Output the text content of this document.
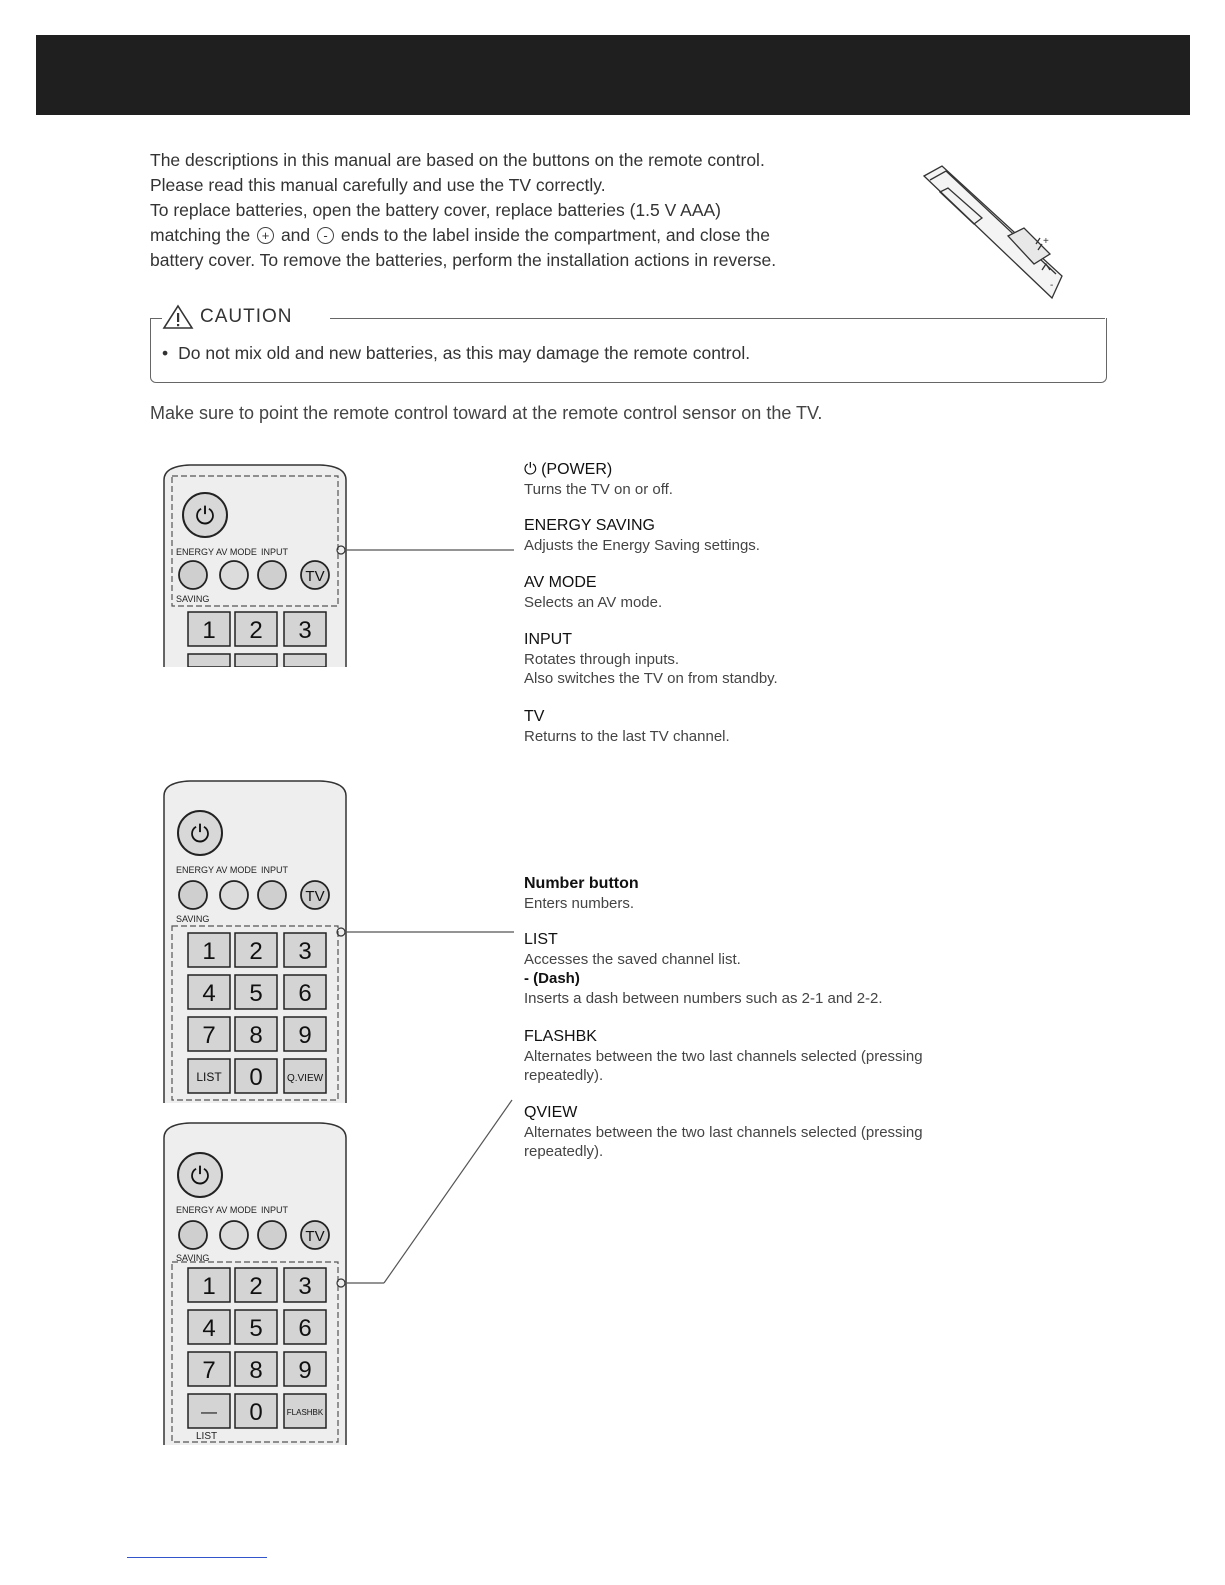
The descriptions in this manual are based on the buttons on the remote control.

Please read this manual carefully and use the TV correctly.

To replace batteries, open the battery cover, replace batteries (1.5 V AAA)

matching the + and - ends to the label inside the compartment, and close the

battery cover. To remove the batteries, perform the installation actions in reverse.

+
-
CAUTION
• Do not mix old and new batteries, as this may damage the remote control.
Make sure to point the remote control toward at the remote control sensor on the TV.
⏻
ENERGY AV MODE INPUT
TV
SAVING
1 2 3
⏻ (POWER)
Turns the TV on or off.
ENERGY SAVING
Adjusts the Energy Saving settings.
AV MODE
Selects an AV mode.
INPUT
Rotates through inputs.
Also switches the TV on from standby.
TV
Returns to the last TV channel.
⏻
ENERGY AV MODE INPUT
TV
SAVING
1 2 3
4 5 6
7 8 9
0
LIST	Q.VIEW
Number button
Enters numbers.
LIST
Accesses the saved channel list.
- (Dash)
Inserts a dash between numbers such as 2-1 and 2-2.
FLASHBK
Alternates between the two last channels selected (pressing
repeatedly).
QVIEW
Alternates between the two last channels selected (pressing
repeatedly).
⏻
ENERGY AV MODE INPUT
TV
SAVING
1 2 3
4 5 6
7 8 9
0
—	FLASHBK
LIST
